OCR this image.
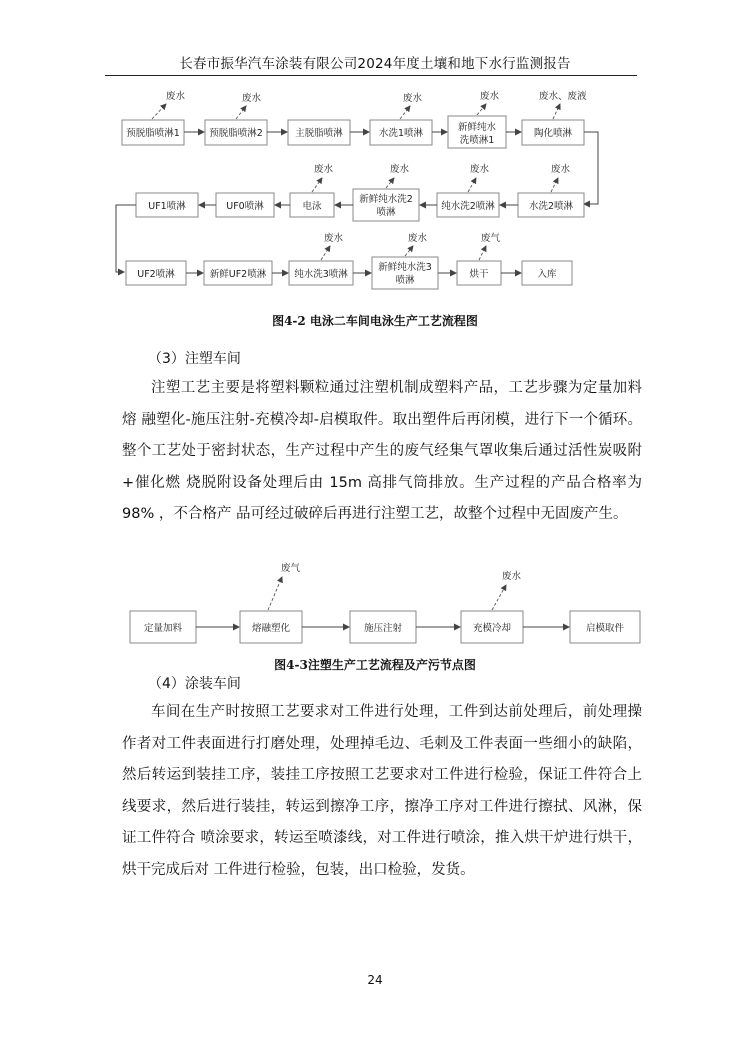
长春市振华汽车涂装有限公司2024年度土壤和地下水行监测报告
预脱脂喷淋1	预脱脂喷淋2	主脱脂喷淋	水洗1喷淋
新鲜纯水
洗喷淋1
陶化喷淋
废水	废水	废水	废水	废水、废液
UF1喷淋	UF0喷淋	电泳
新鲜纯水洗2
喷淋
纯水洗2喷淋	水洗2喷淋
废水	废水	废水	废水
UF2喷淋	新鲜UF2喷淋	纯水洗3喷淋
新鲜纯水洗3
喷淋
烘干	入库
废水	废水	废气
图4-2 电泳二车间电泳生产工艺流程图
（3）注塑车间

注塑工艺主要是将塑料颗粒通过注塑机制成塑料产品，工艺步骤为定量加料熔 融塑化-施压注射-充模冷却-启模取件。取出塑件后再闭模，进行下一个循环。整个工艺处于密封状态，生产过程中产生的废气经集气罩收集后通过活性炭吸附+催化燃 烧脱附设备处理后由 15m 高排气筒排放。生产过程的产品合格率为 98% ，不合格产 品可经过破碎后再进行注塑工艺，故整个过程中无固废产生。

定量加料	熔融塑化	施压注射	充模冷却	启模取件
废气
废水
图4-3注塑生产工艺流程及产污节点图
（4）涂装车间

车间在生产时按照工艺要求对工件进行处理，工件到达前处理后，前处理操作者对工件表面进行打磨处理，处理掉毛边、毛刺及工件表面一些细小的缺陷，然后转运到装挂工序，装挂工序按照工艺要求对工件进行检验，保证工件符合上线要求，然后进行装挂，转运到擦净工序，擦净工序对工件进行擦拭、风淋，保证工件符合 喷涂要求，转运至喷漆线，对工件进行喷涂，推入烘干炉进行烘干，烘干完成后对 工件进行检验，包装，出口检验，发货。

24
